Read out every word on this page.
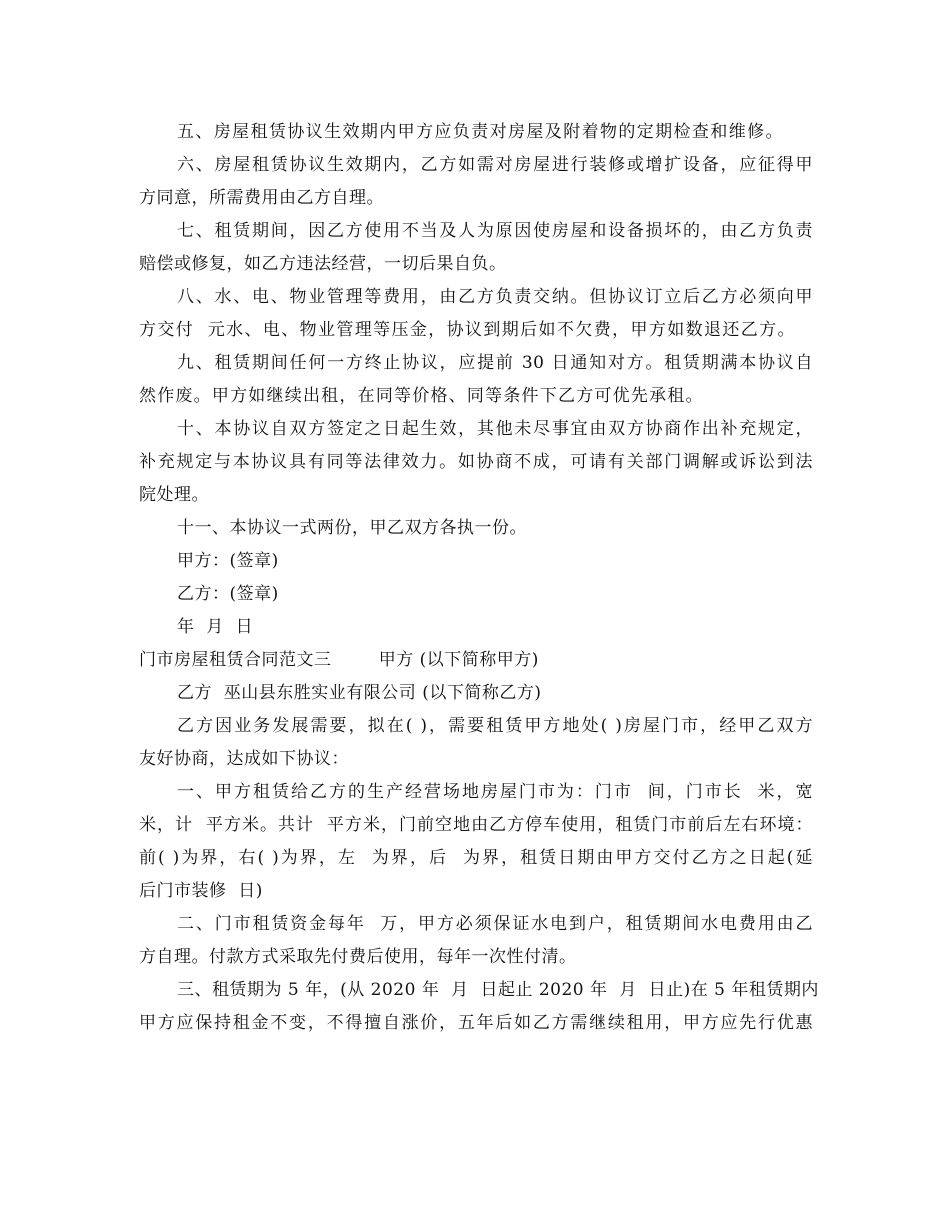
五、房屋租赁协议生效期内甲方应负责对房屋及附着物的定期检查和维修。
六、房屋租赁协议生效期内，乙方如需对房屋进行装修或增扩设备，应征得甲
方同意，所需费用由乙方自理。
七、租赁期间，因乙方使用不当及人为原因使房屋和设备损坏的，由乙方负责
赔偿或修复，如乙方违法经营，一切后果自负。
八、水、电、物业管理等费用，由乙方负责交纳。但协议订立后乙方必须向甲
方交付  元水、电、物业管理等压金，协议到期后如不欠费，甲方如数退还乙方。
九、租赁期间任何一方终止协议，应提前 30 日通知对方。租赁期满本协议自
然作废。甲方如继续出租，在同等价格、同等条件下乙方可优先承租。
十、本协议自双方签定之日起生效，其他未尽事宜由双方协商作出补充规定，
补充规定与本协议具有同等法律效力。如协商不成，可请有关部门调解或诉讼到法
院处理。
十一、本协议一式两份，甲乙双方各执一份。
甲方：(签章)
乙方：(签章)
年  月  日
门市房屋租赁合同范文三        甲方 (以下简称甲方)
乙方  巫山县东胜实业有限公司 (以下简称乙方)
乙方因业务发展需要，拟在( )，需要租赁甲方地处( )房屋门市，经甲乙双方
友好协商，达成如下协议：
一、甲方租赁给乙方的生产经营场地房屋门市为：门市  间，门市长  米，宽
米，计  平方米。共计  平方米，门前空地由乙方停车使用，租赁门市前后左右环境：
前( )为界，右( )为界，左  为界，后  为界，租赁日期由甲方交付乙方之日起(延
后门市装修  日)
二、门市租赁资金每年  万，甲方必须保证水电到户，租赁期间水电费用由乙
方自理。付款方式采取先付费后使用，每年一次性付清。
三、租赁期为 5 年，(从 2020 年  月  日起止 2020 年  月  日止)在 5 年租赁期内
甲方应保持租金不变，不得擅自涨价，五年后如乙方需继续租用，甲方应先行优惠
